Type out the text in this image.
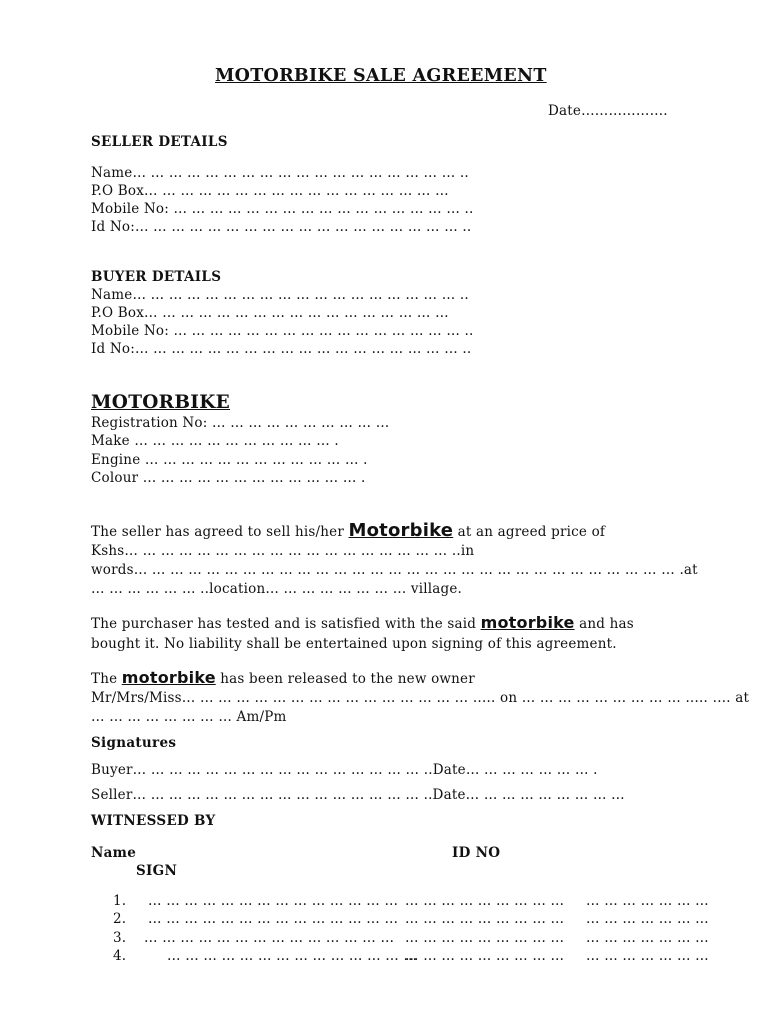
MOTORBIKE SALE AGREEMENT
Date……………….
SELLER DETAILS
Name… … … … … … … … … … … … … … … … … … ..
P.O Box… … … … … … … … … … … … … … … … …
Mobile No: … … … … … … … … … … … … … … … … ..
Id No:… … … … … … … … … … … … … … … … … … ..
BUYER DETAILS
Name… … … … … … … … … … … … … … … … … … ..
P.O Box… … … … … … … … … … … … … … … … …
Mobile No: … … … … … … … … … … … … … … … … ..
Id No:… … … … … … … … … … … … … … … … … … ..
MOTORBIKE
Registration No: … … … … … … … … … …
Make … … … … … … … … … … … .
Engine … … … … … … … … … … … … .
Colour … … … … … … … … … … … … .
The seller has agreed to sell his/her Motorbike at an agreed price of
Kshs… … … … … … … … … … … … … … … … … … ..in
words… … … … … … … … … … … … … … … … … … … … … … … … … … … … … … .at
… … … … … … ..location… … … … … … … … village.
The purchaser has tested and is satisfied with the said motorbike and has
bought it. No liability shall be entertained upon signing of this agreement.
The motorbike has been released to the new owner
Mr/Mrs/Miss… … … … … … … … … … … … … … … … ..… on … … … … … … … … … ..… .… at
… … … … … … … … Am/Pm
Signatures
Buyer… … … … … … … … … … … … … … … … ..Date… … … … … … … .
Seller… … … … … … … … … … … … … … … … ..Date… … … … … … … … …
WITNESSED BY
Name	ID NO
SIGN
1. … … … … … … … … … … … … … … … … … … … … … … … … … … … … … …
2. … … … … … … … … … … … … … … … … … … … … … … … … … … … … … …
3. … … … … … … … … … … … … … … … … … … … … … … … … … … … … … …
4.	… … … … … … … … … … … … … …
… … … … … … … … … … … … … … … …
